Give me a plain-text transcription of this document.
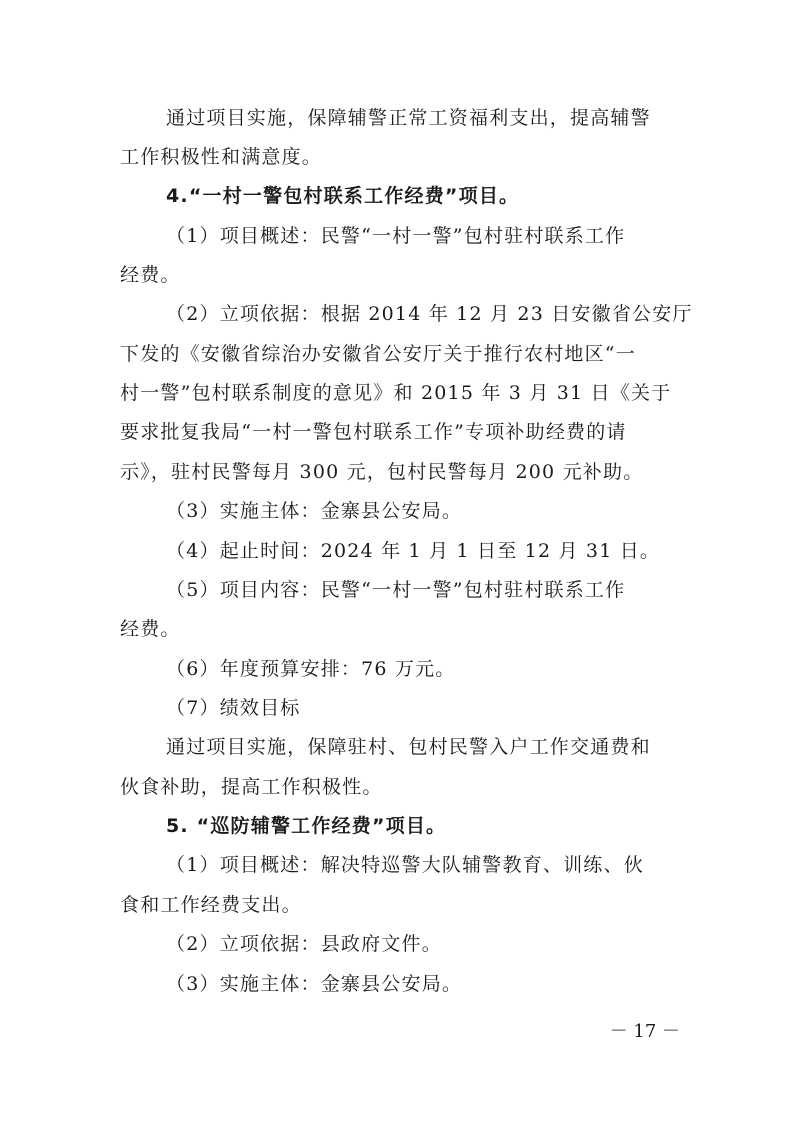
通过项目实施，保障辅警正常工资福利支出，提高辅警
工作积极性和满意度。
4.“一村一警包村联系工作经费”项目。
（1）项目概述：民警“一村一警”包村驻村联系工作
经费。
（2）立项依据：根据 2014 年 12 月 23 日安徽省公安厅
下发的《安徽省综治办安徽省公安厅关于推行农村地区“一
村一警”包村联系制度的意见》和 2015 年 3 月 31 日《关于
要求批复我局“一村一警包村联系工作”专项补助经费的请
示》，驻村民警每月 300 元，包村民警每月 200 元补助。
（3）实施主体：金寨县公安局。
（4）起止时间：2024 年 1 月 1 日至 12 月 31 日。
（5）项目内容：民警“一村一警”包村驻村联系工作
经费。
（6）年度预算安排：76 万元。
（7）绩效目标
通过项目实施，保障驻村、包村民警入户工作交通费和
伙食补助，提高工作积极性。
5. “巡防辅警工作经费”项目。
（1）项目概述：解决特巡警大队辅警教育、训练、伙
食和工作经费支出。
（2）立项依据：县政府文件。
（3）实施主体：金寨县公安局。
－ 17 －
